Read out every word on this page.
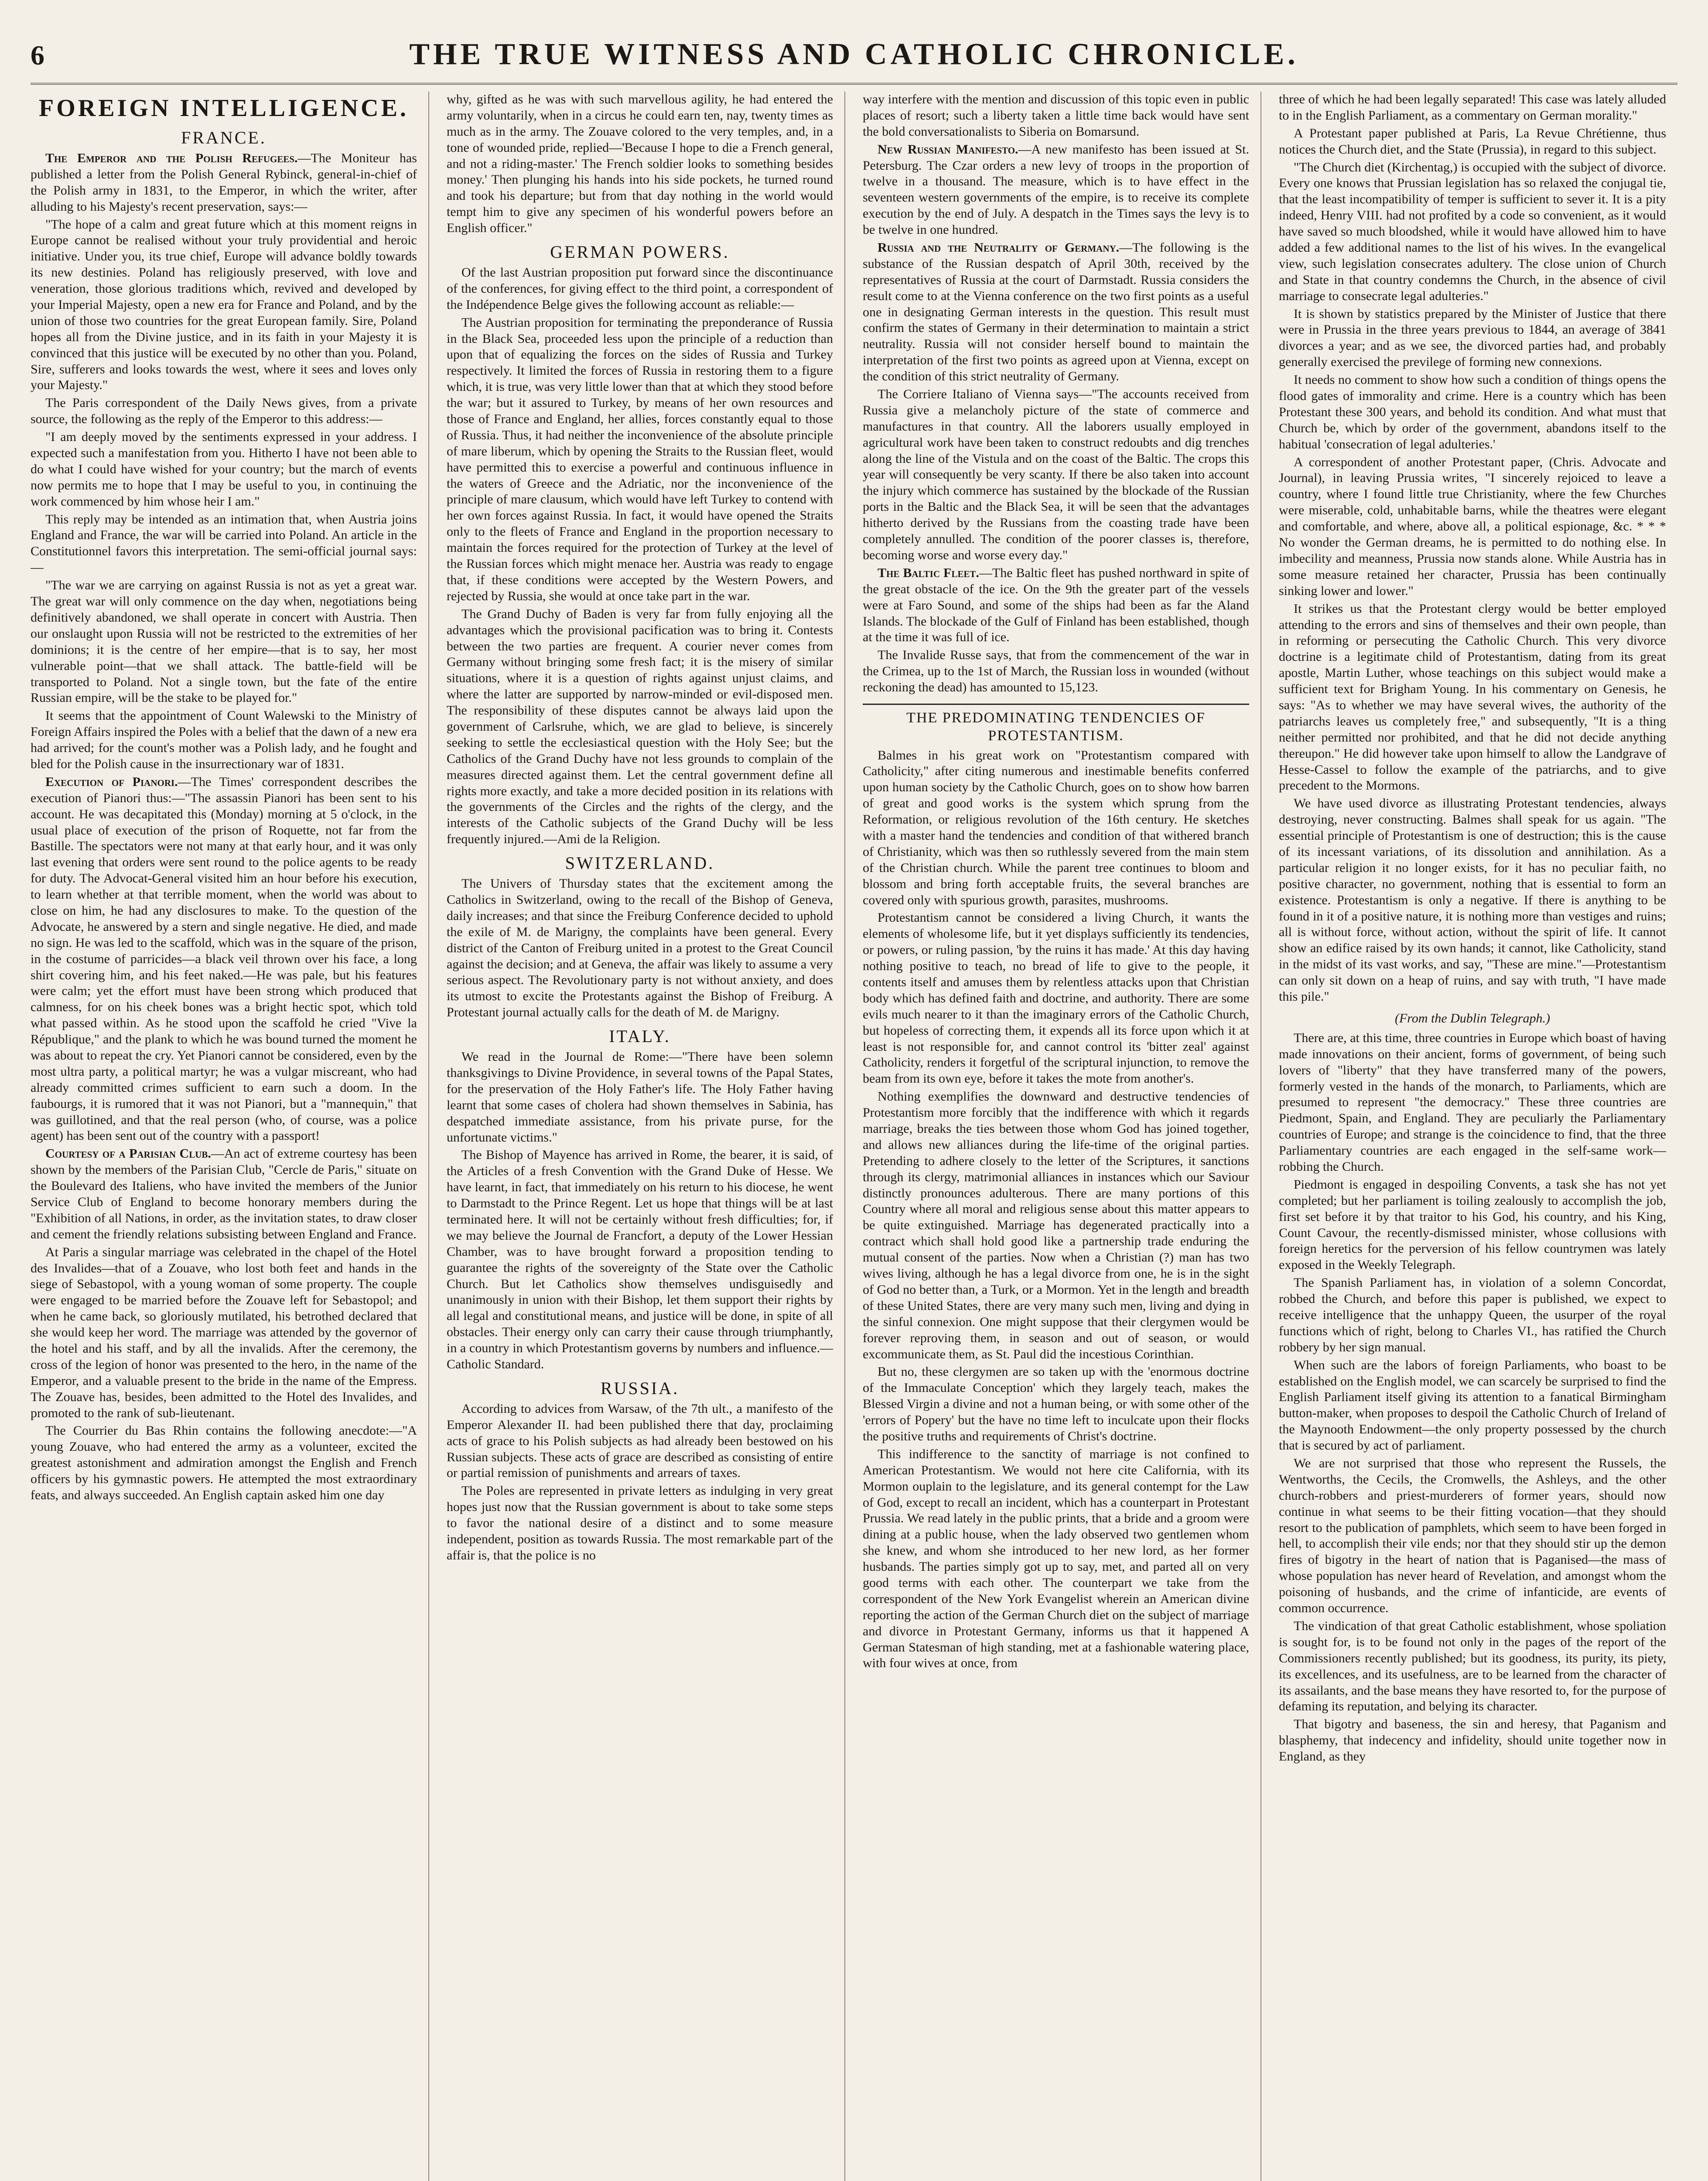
6	THE TRUE WITNESS AND CATHOLIC CHRONICLE.
FOREIGN INTELLIGENCE.
FRANCE.

The Emperor and the Polish Refugees.—The Moniteur has published a letter from the Polish General Rybinck, general-in-chief of the Polish army in 1831, to the Emperor, in which the writer, after alluding to his Majesty's recent preservation, says:—

"The hope of a calm and great future which at this moment reigns in Europe cannot be realised without your truly providential and heroic initiative. Under you, its true chief, Europe will advance boldly towards its new destinies. Poland has religiously preserved, with love and veneration, those glorious traditions which, revived and developed by your Imperial Majesty, open a new era for France and Poland, and by the union of those two countries for the great European family. Sire, Poland hopes all from the Divine justice, and in its faith in your Majesty it is convinced that this justice will be executed by no other than you. Poland, Sire, sufferers and looks towards the west, where it sees and loves only your Majesty."

The Paris correspondent of the Daily News gives, from a private source, the following as the reply of the Emperor to this address:—

"I am deeply moved by the sentiments expressed in your address. I expected such a manifestation from you. Hitherto I have not been able to do what I could have wished for your country; but the march of events now permits me to hope that I may be useful to you, in continuing the work commenced by him whose heir I am."

This reply may be intended as an intimation that, when Austria joins England and France, the war will be carried into Poland. An article in the Constitutionnel favors this interpretation. The semi-official journal says:—

"The war we are carrying on against Russia is not as yet a great war. The great war will only commence on the day when, negotiations being definitively abandoned, we shall operate in concert with Austria. Then our onslaught upon Russia will not be restricted to the extremities of her dominions; it is the centre of her empire—that is to say, her most vulnerable point—that we shall attack. The battle-field will be transported to Poland. Not a single town, but the fate of the entire Russian empire, will be the stake to be played for."

It seems that the appointment of Count Walewski to the Ministry of Foreign Affairs inspired the Poles with a belief that the dawn of a new era had arrived; for the count's mother was a Polish lady, and he fought and bled for the Polish cause in the insurrectionary war of 1831.

Execution of Pianori.—The Times' correspondent describes the execution of Pianori thus:—"The assassin Pianori has been sent to his account. He was decapitated this (Monday) morning at 5 o'clock, in the usual place of execution of the prison of Roquette, not far from the Bastille. The spectators were not many at that early hour, and it was only last evening that orders were sent round to the police agents to be ready for duty. The Advocat-General visited him an hour before his execution, to learn whether at that terrible moment, when the world was about to close on him, he had any disclosures to make. To the question of the Advocate, he answered by a stern and single negative. He died, and made no sign. He was led to the scaffold, which was in the square of the prison, in the costume of parricides—a black veil thrown over his face, a long shirt covering him, and his feet naked.—He was pale, but his features were calm; yet the effort must have been strong which produced that calmness, for on his cheek bones was a bright hectic spot, which told what passed within. As he stood upon the scaffold he cried "Vive la République," and the plank to which he was bound turned the moment he was about to repeat the cry. Yet Pianori cannot be considered, even by the most ultra party, a political martyr; he was a vulgar miscreant, who had already committed crimes sufficient to earn such a doom. In the faubourgs, it is rumored that it was not Pianori, but a "mannequin," that was guillotined, and that the real person (who, of course, was a police agent) has been sent out of the country with a passport!

Courtesy of a Parisian Club.—An act of extreme courtesy has been shown by the members of the Parisian Club, "Cercle de Paris," situate on the Boulevard des Italiens, who have invited the members of the Junior Service Club of England to become honorary members during the "Exhibition of all Nations, in order, as the invitation states, to draw closer and cement the friendly relations subsisting between England and France.

At Paris a singular marriage was celebrated in the chapel of the Hotel des Invalides—that of a Zouave, who lost both feet and hands in the siege of Sebastopol, with a young woman of some property. The couple were engaged to be married before the Zouave left for Sebastopol; and when he came back, so gloriously mutilated, his betrothed declared that she would keep her word. The marriage was attended by the governor of the hotel and his staff, and by all the invalids. After the ceremony, the cross of the legion of honor was presented to the hero, in the name of the Emperor, and a valuable present to the bride in the name of the Empress. The Zouave has, besides, been admitted to the Hotel des Invalides, and promoted to the rank of sub-lieutenant.

The Courrier du Bas Rhin contains the following anecdote:—"A young Zouave, who had entered the army as a volunteer, excited the greatest astonishment and admiration amongst the English and French officers by his gymnastic powers. He attempted the most extraordinary feats, and always succeeded. An English captain asked him one day

why, gifted as he was with such marvellous agility, he had entered the army voluntarily, when in a circus he could earn ten, nay, twenty times as much as in the army. The Zouave colored to the very temples, and, in a tone of wounded pride, replied—'Because I hope to die a French general, and not a riding-master.' The French soldier looks to something besides money.' Then plunging his hands into his side pockets, he turned round and took his departure; but from that day nothing in the world would tempt him to give any specimen of his wonderful powers before an English officer."

GERMAN POWERS.

Of the last Austrian proposition put forward since the discontinuance of the conferences, for giving effect to the third point, a correspondent of the Indépendence Belge gives the following account as reliable:—

The Austrian proposition for terminating the preponderance of Russia in the Black Sea, proceeded less upon the principle of a reduction than upon that of equalizing the forces on the sides of Russia and Turkey respectively. It limited the forces of Russia in restoring them to a figure which, it is true, was very little lower than that at which they stood before the war; but it assured to Turkey, by means of her own resources and those of France and England, her allies, forces constantly equal to those of Russia. Thus, it had neither the inconvenience of the absolute principle of mare liberum, which by opening the Straits to the Russian fleet, would have permitted this to exercise a powerful and continuous influence in the waters of Greece and the Adriatic, nor the inconvenience of the principle of mare clausum, which would have left Turkey to contend with her own forces against Russia. In fact, it would have opened the Straits only to the fleets of France and England in the proportion necessary to maintain the forces required for the protection of Turkey at the level of the Russian forces which might menace her. Austria was ready to engage that, if these conditions were accepted by the Western Powers, and rejected by Russia, she would at once take part in the war.

The Grand Duchy of Baden is very far from fully enjoying all the advantages which the provisional pacification was to bring it. Contests between the two parties are frequent. A courier never comes from Germany without bringing some fresh fact; it is the misery of similar situations, where it is a question of rights against unjust claims, and where the latter are supported by narrow-minded or evil-disposed men. The responsibility of these disputes cannot be always laid upon the government of Carlsruhe, which, we are glad to believe, is sincerely seeking to settle the ecclesiastical question with the Holy See; but the Catholics of the Grand Duchy have not less grounds to complain of the measures directed against them. Let the central government define all rights more exactly, and take a more decided position in its relations with the governments of the Circles and the rights of the clergy, and the interests of the Catholic subjects of the Grand Duchy will be less frequently injured.—Ami de la Religion.

SWITZERLAND.

The Univers of Thursday states that the excitement among the Catholics in Switzerland, owing to the recall of the Bishop of Geneva, daily increases; and that since the Freiburg Conference decided to uphold the exile of M. de Marigny, the complaints have been general. Every district of the Canton of Freiburg united in a protest to the Great Council against the decision; and at Geneva, the affair was likely to assume a very serious aspect. The Revolutionary party is not without anxiety, and does its utmost to excite the Protestants against the Bishop of Freiburg. A Protestant journal actually calls for the death of M. de Marigny.

ITALY.

We read in the Journal de Rome:—"There have been solemn thanksgivings to Divine Providence, in several towns of the Papal States, for the preservation of the Holy Father's life. The Holy Father having learnt that some cases of cholera had shown themselves in Sabinia, has despatched immediate assistance, from his private purse, for the unfortunate victims."

The Bishop of Mayence has arrived in Rome, the bearer, it is said, of the Articles of a fresh Convention with the Grand Duke of Hesse. We have learnt, in fact, that immediately on his return to his diocese, he went to Darmstadt to the Prince Regent. Let us hope that things will be at last terminated here. It will not be certainly without fresh difficulties; for, if we may believe the Journal de Francfort, a deputy of the Lower Hessian Chamber, was to have brought forward a proposition tending to guarantee the rights of the sovereignty of the State over the Catholic Church. But let Catholics show themselves undisguisedly and unanimously in union with their Bishop, let them support their rights by all legal and constitutional means, and justice will be done, in spite of all obstacles. Their energy only can carry their cause through triumphantly, in a country in which Protestantism governs by numbers and influence.—Catholic Standard.

RUSSIA.

According to advices from Warsaw, of the 7th ult., a manifesto of the Emperor Alexander II. had been published there that day, proclaiming acts of grace to his Polish subjects as had already been bestowed on his Russian subjects. These acts of grace are described as consisting of entire or partial remission of punishments and arrears of taxes.

The Poles are represented in private letters as indulging in very great hopes just now that the Russian government is about to take some steps to favor the national desire of a distinct and to some measure independent, position as towards Russia. The most remarkable part of the affair is, that the police is no

way interfere with the mention and discussion of this topic even in public places of resort; such a liberty taken a little time back would have sent the bold conversationalists to Siberia on Bomarsund.

New Russian Manifesto.—A new manifesto has been issued at St. Petersburg. The Czar orders a new levy of troops in the proportion of twelve in a thousand. The measure, which is to have effect in the seventeen western governments of the empire, is to receive its complete execution by the end of July. A despatch in the Times says the levy is to be twelve in one hundred.

Russia and the Neutrality of Germany.—The following is the substance of the Russian despatch of April 30th, received by the representatives of Russia at the court of Darmstadt. Russia considers the result come to at the Vienna conference on the two first points as a useful one in designating German interests in the question. This result must confirm the states of Germany in their determination to maintain a strict neutrality. Russia will not consider herself bound to maintain the interpretation of the first two points as agreed upon at Vienna, except on the condition of this strict neutrality of Germany.

The Corriere Italiano of Vienna says—"The accounts received from Russia give a melancholy picture of the state of commerce and manufactures in that country. All the laborers usually employed in agricultural work have been taken to construct redoubts and dig trenches along the line of the Vistula and on the coast of the Baltic. The crops this year will consequently be very scanty. If there be also taken into account the injury which commerce has sustained by the blockade of the Russian ports in the Baltic and the Black Sea, it will be seen that the advantages hitherto derived by the Russians from the coasting trade have been completely annulled. The condition of the poorer classes is, therefore, becoming worse and worse every day."

The Baltic Fleet.—The Baltic fleet has pushed northward in spite of the great obstacle of the ice. On the 9th the greater part of the vessels were at Faro Sound, and some of the ships had been as far the Aland Islands. The blockade of the Gulf of Finland has been established, though at the time it was full of ice.

The Invalide Russe says, that from the commencement of the war in the Crimea, up to the 1st of March, the Russian loss in wounded (without reckoning the dead) has amounted to 15,123.

THE PREDOMINATING TENDENCIES OF PROTESTANTISM.

Balmes in his great work on "Protestantism compared with Catholicity," after citing numerous and inestimable benefits conferred upon human society by the Catholic Church, goes on to show how barren of great and good works is the system which sprung from the Reformation, or religious revolution of the 16th century. He sketches with a master hand the tendencies and condition of that withered branch of Christianity, which was then so ruthlessly severed from the main stem of the Christian church. While the parent tree continues to bloom and blossom and bring forth acceptable fruits, the several branches are covered only with spurious growth, parasites, mushrooms.

Protestantism cannot be considered a living Church, it wants the elements of wholesome life, but it yet displays sufficiently its tendencies, or powers, or ruling passion, 'by the ruins it has made.' At this day having nothing positive to teach, no bread of life to give to the people, it contents itself and amuses them by relentless attacks upon that Christian body which has defined faith and doctrine, and authority. There are some evils much nearer to it than the imaginary errors of the Catholic Church, but hopeless of correcting them, it expends all its force upon which it at least is not responsible for, and cannot control its 'bitter zeal' against Catholicity, renders it forgetful of the scriptural injunction, to remove the beam from its own eye, before it takes the mote from another's.

Nothing exemplifies the downward and destructive tendencies of Protestantism more forcibly that the indifference with which it regards marriage, breaks the ties between those whom God has joined together, and allows new alliances during the life-time of the original parties. Pretending to adhere closely to the letter of the Scriptures, it sanctions through its clergy, matrimonial alliances in instances which our Saviour distinctly pronounces adulterous. There are many portions of this Country where all moral and religious sense about this matter appears to be quite extinguished. Marriage has degenerated practically into a contract which shall hold good like a partnership trade enduring the mutual consent of the parties. Now when a Christian (?) man has two wives living, although he has a legal divorce from one, he is in the sight of God no better than, a Turk, or a Mormon. Yet in the length and breadth of these United States, there are very many such men, living and dying in the sinful connexion. One might suppose that their clergymen would be forever reproving them, in season and out of season, or would excommunicate them, as St. Paul did the incestious Corinthian.

But no, these clergymen are so taken up with the 'enormous doctrine of the Immaculate Conception' which they largely teach, makes the Blessed Virgin a divine and not a human being, or with some other of the 'errors of Popery' but the have no time left to inculcate upon their flocks the positive truths and requirements of Christ's doctrine.

This indifference to the sanctity of marriage is not confined to American Protestantism. We would not here cite California, with its Mormon ouplain to the legislature, and its general contempt for the Law of God, except to recall an incident, which has a counterpart in Protestant Prussia. We read lately in the public prints, that a bride and a groom were dining at a public house, when the lady observed two gentlemen whom she knew, and whom she introduced to her new lord, as her former husbands. The parties simply got up to say, met, and parted all on very good terms with each other. The counterpart we take from the correspondent of the New York Evangelist wherein an American divine reporting the action of the German Church diet on the subject of marriage and divorce in Protestant Germany, informs us that it happened A German Statesman of high standing, met at a fashionable watering place, with four wives at once, from

three of which he had been legally separated! This case was lately alluded to in the English Parliament, as a commentary on German morality."

A Protestant paper published at Paris, La Revue Chrétienne, thus notices the Church diet, and the State (Prussia), in regard to this subject.

"The Church diet (Kirchentag,) is occupied with the subject of divorce. Every one knows that Prussian legislation has so relaxed the conjugal tie, that the least incompatibility of temper is sufficient to sever it. It is a pity indeed, Henry VIII. had not profited by a code so convenient, as it would have saved so much bloodshed, while it would have allowed him to have added a few additional names to the list of his wives. In the evangelical view, such legislation consecrates adultery. The close union of Church and State in that country condemns the Church, in the absence of civil marriage to consecrate legal adulteries."

It is shown by statistics prepared by the Minister of Justice that there were in Prussia in the three years previous to 1844, an average of 3841 divorces a year; and as we see, the divorced parties had, and probably generally exercised the previlege of forming new connexions.

It needs no comment to show how such a condition of things opens the flood gates of immorality and crime. Here is a country which has been Protestant these 300 years, and behold its condition. And what must that Church be, which by order of the government, abandons itself to the habitual 'consecration of legal adulteries.'

A correspondent of another Protestant paper, (Chris. Advocate and Journal), in leaving Prussia writes, "I sincerely rejoiced to leave a country, where I found little true Christianity, where the few Churches were miserable, cold, unhabitable barns, while the theatres were elegant and comfortable, and where, above all, a political espionage, &c. * * * No wonder the German dreams, he is permitted to do nothing else. In imbecility and meanness, Prussia now stands alone. While Austria has in some measure retained her character, Prussia has been continually sinking lower and lower."

It strikes us that the Protestant clergy would be better employed attending to the errors and sins of themselves and their own people, than in reforming or persecuting the Catholic Church. This very divorce doctrine is a legitimate child of Protestantism, dating from its great apostle, Martin Luther, whose teachings on this subject would make a sufficient text for Brigham Young. In his commentary on Genesis, he says: "As to whether we may have several wives, the authority of the patriarchs leaves us completely free," and subsequently, "It is a thing neither permitted nor prohibited, and that he did not decide anything thereupon." He did however take upon himself to allow the Landgrave of Hesse-Cassel to follow the example of the patriarchs, and to give precedent to the Mormons.

We have used divorce as illustrating Protestant tendencies, always destroying, never constructing. Balmes shall speak for us again. "The essential principle of Protestantism is one of destruction; this is the cause of its incessant variations, of its dissolution and annihilation. As a particular religion it no longer exists, for it has no peculiar faith, no positive character, no government, nothing that is essential to form an existence. Protestantism is only a negative. If there is anything to be found in it of a positive nature, it is nothing more than vestiges and ruins; all is without force, without action, without the spirit of life. It cannot show an edifice raised by its own hands; it cannot, like Catholicity, stand in the midst of its vast works, and say, "These are mine."—Protestantism can only sit down on a heap of ruins, and say with truth, "I have made this pile."

(From the Dublin Telegraph.)

There are, at this time, three countries in Europe which boast of having made innovations on their ancient, forms of government, of being such lovers of "liberty" that they have transferred many of the powers, formerly vested in the hands of the monarch, to Parliaments, which are presumed to represent "the democracy." These three countries are Piedmont, Spain, and England. They are peculiarly the Parliamentary countries of Europe; and strange is the coincidence to find, that the three Parliamentary countries are each engaged in the self-same work—robbing the Church.

Piedmont is engaged in despoiling Convents, a task she has not yet completed; but her parliament is toiling zealously to accomplish the job, first set before it by that traitor to his God, his country, and his King, Count Cavour, the recently-dismissed minister, whose collusions with foreign heretics for the perversion of his fellow countrymen was lately exposed in the Weekly Telegraph.

The Spanish Parliament has, in violation of a solemn Concordat, robbed the Church, and before this paper is published, we expect to receive intelligence that the unhappy Queen, the usurper of the royal functions which of right, belong to Charles VI., has ratified the Church robbery by her sign manual.

When such are the labors of foreign Parliaments, who boast to be established on the English model, we can scarcely be surprised to find the English Parliament itself giving its attention to a fanatical Birmingham button-maker, when proposes to despoil the Catholic Church of Ireland of the Maynooth Endowment—the only property possessed by the church that is secured by act of parliament.

We are not surprised that those who represent the Russels, the Wentworths, the Cecils, the Cromwells, the Ashleys, and the other church-robbers and priest-murderers of former years, should now continue in what seems to be their fitting vocation—that they should resort to the publication of pamphlets, which seem to have been forged in hell, to accomplish their vile ends; nor that they should stir up the demon fires of bigotry in the heart of nation that is Paganised—the mass of whose population has never heard of Revelation, and amongst whom the poisoning of husbands, and the crime of infanticide, are events of common occurrence.

The vindication of that great Catholic establishment, whose spoliation is sought for, is to be found not only in the pages of the report of the Commissioners recently published; but its goodness, its purity, its piety, its excellences, and its usefulness, are to be learned from the character of its assailants, and the base means they have resorted to, for the purpose of defaming its reputation, and belying its character.

That bigotry and baseness, the sin and heresy, that Paganism and blasphemy, that indecency and infidelity, should unite together now in England, as they
